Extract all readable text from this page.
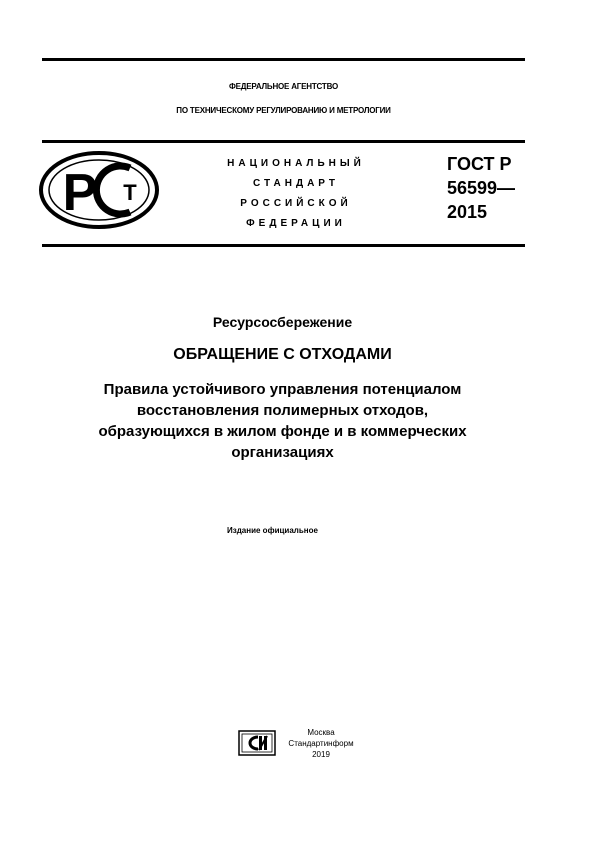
ФЕДЕРАЛЬНОЕ АГЕНТСТВО
ПО ТЕХНИЧЕСКОМУ РЕГУЛИРОВАНИЮ И МЕТРОЛОГИИ
Р Т
НАЦИОНАЛЬНЫЙ
СТАНДАРТ
РОССИЙСКОЙ
ФЕДЕРАЦИИ
ГОСТ Р
56599—
2015
Ресурсосбережение
ОБРАЩЕНИЕ С ОТХОДАМИ
Правила устойчивого управления потенциалом
восстановления полимерных отходов,
образующихся в жилом фонде и в коммерческих
организациях
Издание официальное
Москва
Стандартинформ
2019
